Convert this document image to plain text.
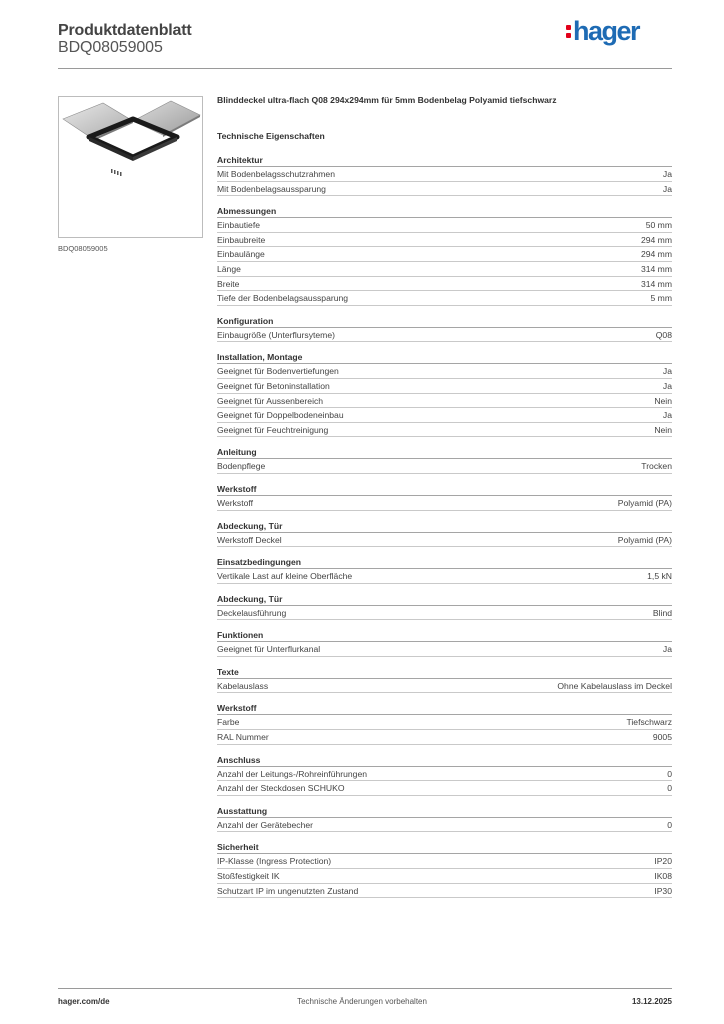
Produktdatenblatt
BDQ08059005
hager
BDQ08059005
Blinddeckel ultra-flach Q08 294x294mm für 5mm Bodenbelag Polyamid tiefschwarz
Technische Eigenschaften
Architektur
Mit Bodenbelagsschutzrahmen	Ja
Mit Bodenbelagsaussparung	Ja
Abmessungen
Einbautiefe	50 mm
Einbaubreite	294 mm
Einbaulänge	294 mm
Länge	314 mm
Breite	314 mm
Tiefe der Bodenbelagsaussparung	5 mm
Konfiguration
Einbaugröße (Unterflursyteme)	Q08
Installation, Montage
Geeignet für Bodenvertiefungen	Ja
Geeignet für Betoninstallation	Ja
Geeignet für Aussenbereich	Nein
Geeignet für Doppelbodeneinbau	Ja
Geeignet für Feuchtreinigung	Nein
Anleitung
Bodenpflege	Trocken
Werkstoff
Werkstoff	Polyamid (PA)
Abdeckung, Tür
Werkstoff Deckel	Polyamid (PA)
Einsatzbedingungen
Vertikale Last auf kleine Oberfläche	1,5 kN
Abdeckung, Tür
Deckelausführung	Blind
Funktionen
Geeignet für Unterflurkanal	Ja
Texte
Kabelauslass	Ohne Kabelauslass im Deckel
Werkstoff
Farbe	Tiefschwarz
RAL Nummer	9005
Anschluss
Anzahl der Leitungs-/Rohreinführungen	0
Anzahl der Steckdosen SCHUKO	0
Ausstattung
Anzahl der Gerätebecher	0
Sicherheit
IP-Klasse (Ingress Protection)	IP20
Stoßfestigkeit IK	IK08
Schutzart IP im ungenutzten Zustand	IP30
hager.com/de	Technische Änderungen vorbehalten	13.12.2025
